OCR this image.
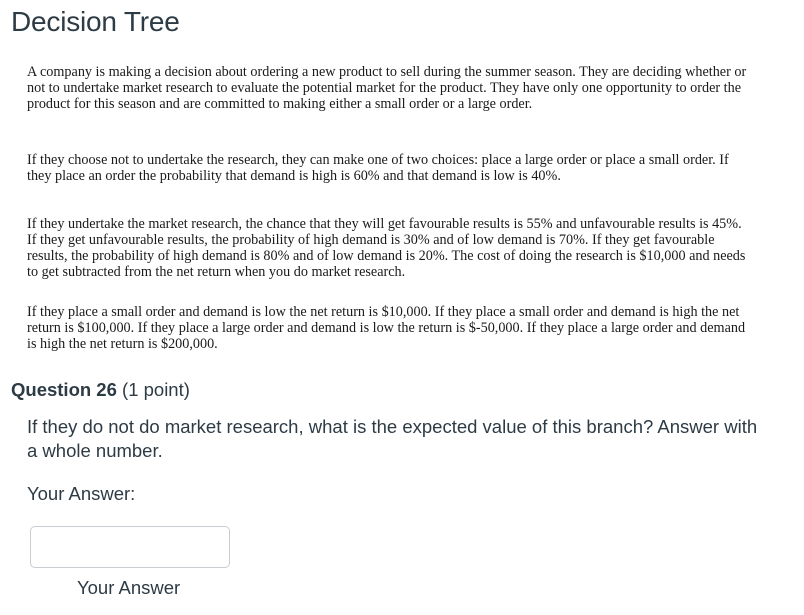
Decision Tree

A company is making a decision about ordering a new product to sell during the summer season. They are deciding whether or not to undertake market research to evaluate the potential market for the product. They have only one opportunity to order the product for this season and are committed to making either a small order or a large order.

If they choose not to undertake the research, they can make one of two choices: place a large order or place a small order. If they place an order the probability that demand is high is 60% and that demand is low is 40%.

If they undertake the market research, the chance that they will get favourable results is 55% and unfavourable results is 45%. If they get unfavourable results, the probability of high demand is 30% and of low demand is 70%. If they get favourable results, the probability of high demand is 80% and of low demand is 20%. The cost of doing the research is $10,000 and needs to get subtracted from the net return when you do market research.

If they place a small order and demand is low the net return is $10,000. If they place a small order and demand is high the net return is $100,000. If they place a large order and demand is low the return is $-50,000. If they place a large order and demand is high the net return is $200,000.

Question 26 (1 point)

If they do not do market research, what is the expected value of this branch? Answer with a whole number.

Your Answer:
Your Answer
